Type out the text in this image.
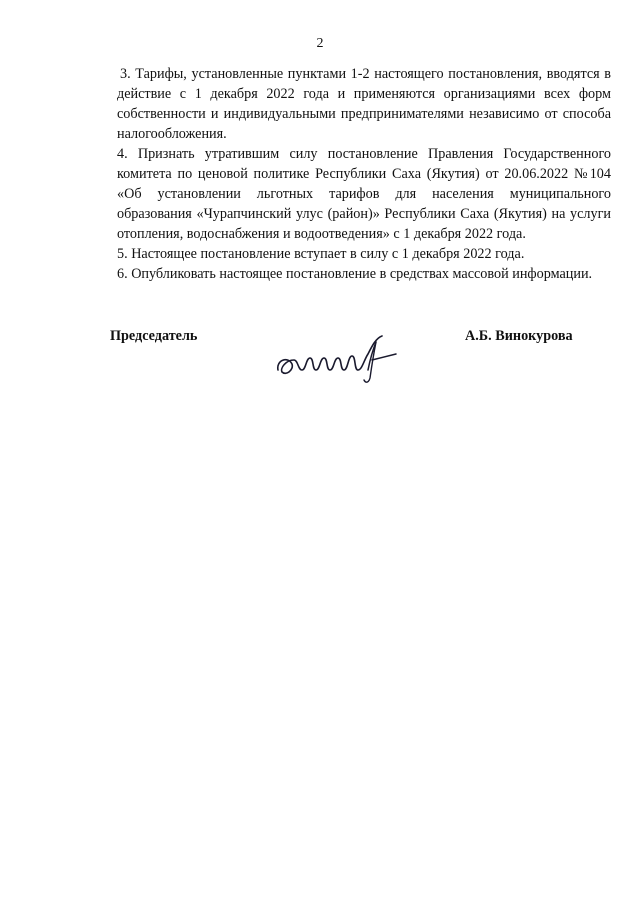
2

3. Тарифы, установленные пунктами 1-2 настоящего постановления, вводятся в действие с 1 декабря 2022 года и применяются организациями всех форм собственности и индивидуальными предпринимателями независимо от способа налогообложения.

4. Признать утратившим силу постановление Правления Государственного комитета по ценовой политике Республики Саха (Якутия) от 20.06.2022 №104 «Об установлении льготных тарифов для населения муниципального образования «Чурапчинский улус (район)» Республики Саха (Якутия) на услуги отопления, водоснабжения и водоотведения» с 1 декабря 2022 года.

5. Настоящее постановление вступает в силу с 1 декабря 2022 года.

6. Опубликовать настоящее постановление в средствах массовой информации.

Председатель	А.Б. Винокурова
